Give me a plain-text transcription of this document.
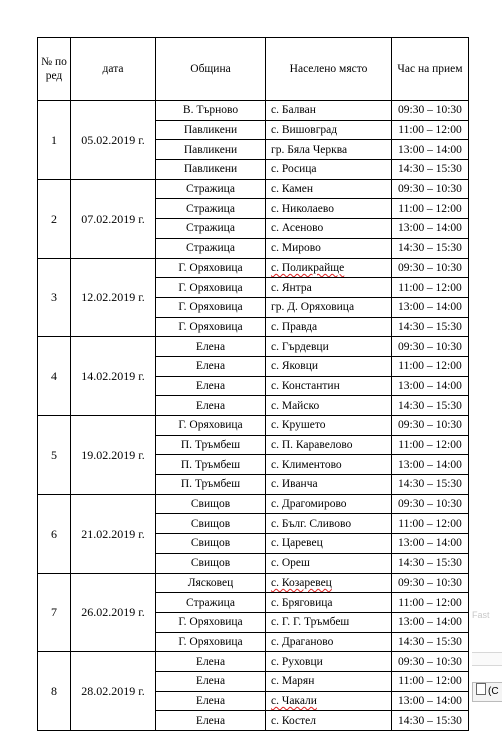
№ по ред	дата	Община	Населено място	Час на прием
1	05.02.2019 г.	В. Търново	с. Балван	09:30 – 10:30
		Павликени	с. Вишовград	11:00 – 12:00
		Павликени	гр. Бяла Черква	13:00 – 14:00
		Павликени	с. Росица	14:30 – 15:30
2	07.02.2019 г.	Стражица	с. Камен	09:30 – 10:30
		Стражица	с. Николаево	11:00 – 12:00
		Стражица	с. Асеново	13:00 – 14:00
		Стражица	с. Мирово	14:30 – 15:30
3	12.02.2019 г.	Г. Оряховица	с. Поликрайще	09:30 – 10:30
		Г. Оряховица	с. Янтра	11:00 – 12:00
		Г. Оряховица	гр. Д. Оряховица	13:00 – 14:00
		Г. Оряховица	с. Правда	14:30 – 15:30
4	14.02.2019 г.	Елена	с. Гърдевци	09:30 – 10:30
		Елена	с. Яковци	11:00 – 12:00
		Елена	с. Константин	13:00 – 14:00
		Елена	с. Майско	14:30 – 15:30
5	19.02.2019 г.	Г. Оряховица	с. Крушето	09:30 – 10:30
		П. Тръмбеш	с. П. Каравелово	11:00 – 12:00
		П. Тръмбеш	с. Климентово	13:00 – 14:00
		П. Тръмбеш	с. Иванча	14:30 – 15:30
6	21.02.2019 г.	Свищов	с. Драгомирово	09:30 – 10:30
		Свищов	с. Бълг. Сливово	11:00 – 12:00
		Свищов	с. Царевец	13:00 – 14:00
		Свищов	с. Ореш	14:30 – 15:30
7	26.02.2019 г.	Лясковец	с. Козаревец	09:30 – 10:30
		Стражица	с. Бряговица	11:00 – 12:00
		Г. Оряховица	с. Г. Г. Тръмбеш	13:00 – 14:00
		Г. Оряховица	с. Драганово	14:30 – 15:30
8	28.02.2019 г.	Елена	с. Руховци	09:30 – 10:30
		Елена	с. Марян	11:00 – 12:00
		Елена	с. Чакали	13:00 – 14:00
		Елена	с. Костел	14:30 – 15:30
Fast
(C
